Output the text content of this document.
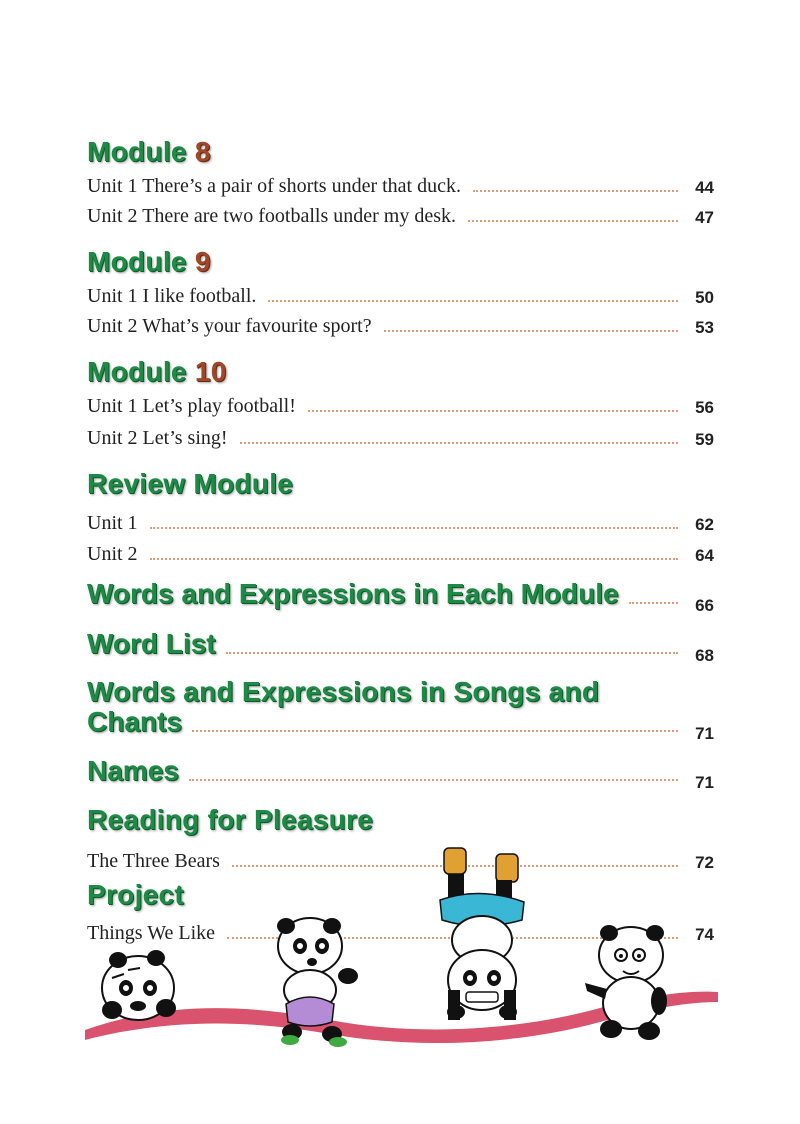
Module 8
Unit 1 There’s a pair of shorts under that duck.	44
Unit 2 There are two footballs under my desk.	47
Module 9
Unit 1 I like football.	50
Unit 2 What’s your favourite sport?	53
Module 10
Unit 1 Let’s play football!	56
Unit 2 Let’s sing!	59
Review Module
Unit 1	62
Unit 2	64
Words and Expressions in Each Module	66
Word List	68
Words and Expressions in Songs and
Chants	71
Names	71
Reading for Pleasure
The Three Bears	72
Project
Things We Like	74
